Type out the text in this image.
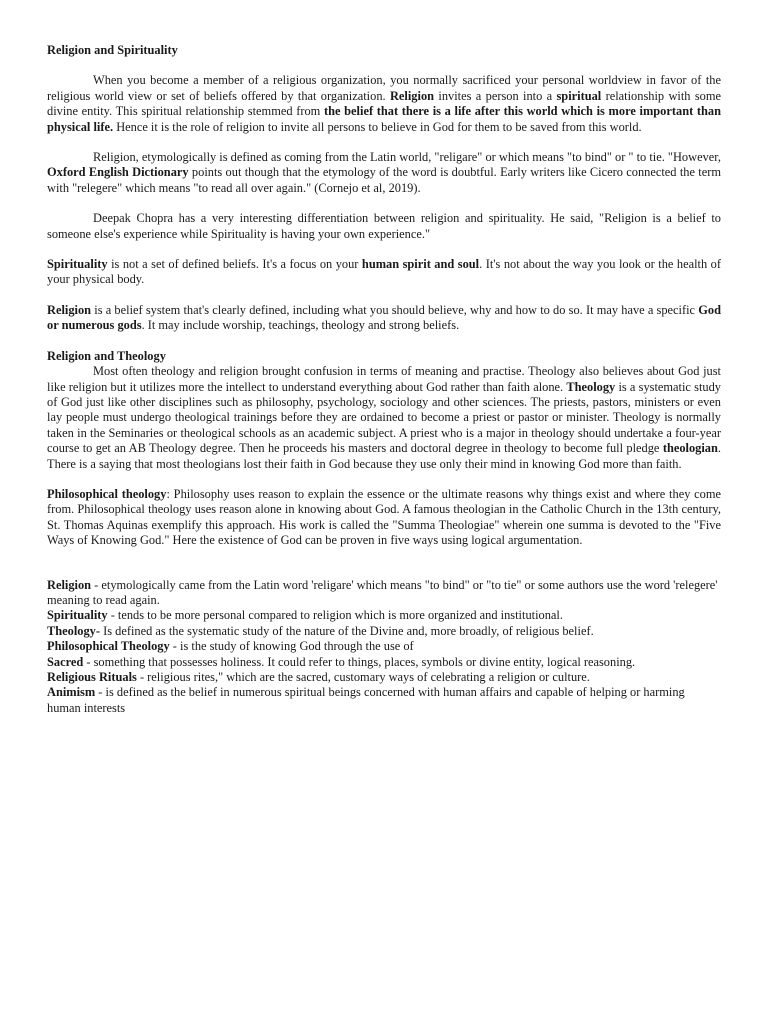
Religion and Spirituality

When you become a member of a religious organization, you normally sacrificed your personal worldview in favor of the religious world view or set of beliefs offered by that organization. Religion invites a person into a spiritual relationship with some divine entity. This spiritual relationship stemmed from the belief that there is a life after this world which is more important than physical life. Hence it is the role of religion to invite all persons to believe in God for them to be saved from this world.

Religion, etymologically is defined as coming from the Latin world, "religare" or which means "to bind" or " to tie. "However, Oxford English Dictionary points out though that the etymology of the word is doubtful. Early writers like Cicero connected the term with "relegere" which means "to read all over again." (Cornejo et al, 2019).

Deepak Chopra has a very interesting differentiation between religion and spirituality. He said, "Religion is a belief to someone else's experience while Spirituality is having your own experience."

Spirituality is not a set of defined beliefs. It's a focus on your human spirit and soul. It's not about the way you look or the health of your physical body.

Religion is a belief system that's clearly defined, including what you should believe, why and how to do so. It may have a specific God or numerous gods. It may include worship, teachings, theology and strong beliefs.

Religion and Theology

Most often theology and religion brought confusion in terms of meaning and practise. Theology also believes about God just like religion but it utilizes more the intellect to understand everything about God rather than faith alone. Theology is a systematic study of God just like other disciplines such as philosophy, psychology, sociology and other sciences. The priests, pastors, ministers or even lay people must undergo theological trainings before they are ordained to become a priest or pastor or minister. Theology is normally taken in the Seminaries or theological schools as an academic subject. A priest who is a major in theology should undertake a four-year course to get an AB Theology degree. Then he proceeds his masters and doctoral degree in theology to become full pledge theologian. There is a saying that most theologians lost their faith in God because they use only their mind in knowing God more than faith.

Philosophical theology: Philosophy uses reason to explain the essence or the ultimate reasons why things exist and where they come from. Philosophical theology uses reason alone in knowing about God. A famous theologian in the Catholic Church in the 13th century, St. Thomas Aquinas exemplify this approach. His work is called the "Summa Theologiae" wherein one summa is devoted to the "Five Ways of Knowing God." Here the existence of God can be proven in five ways using logical argumentation.

Religion - etymologically came from the Latin word 'religare' which means "to bind" or "to tie" or some authors use the word 'relegere' meaning to read again.

Spirituality - tends to be more personal compared to religion which is more organized and institutional.

Theology- Is defined as the systematic study of the nature of the Divine and, more broadly, of religious belief.

Philosophical Theology - is the study of knowing God through the use of

Sacred - something that possesses holiness. It could refer to things, places, symbols or divine entity, logical reasoning.

Religious Rituals - religious rites," which are the sacred, customary ways of celebrating a religion or culture.

Animism - is defined as the belief in numerous spiritual beings concerned with human affairs and capable of helping or harming human interests
